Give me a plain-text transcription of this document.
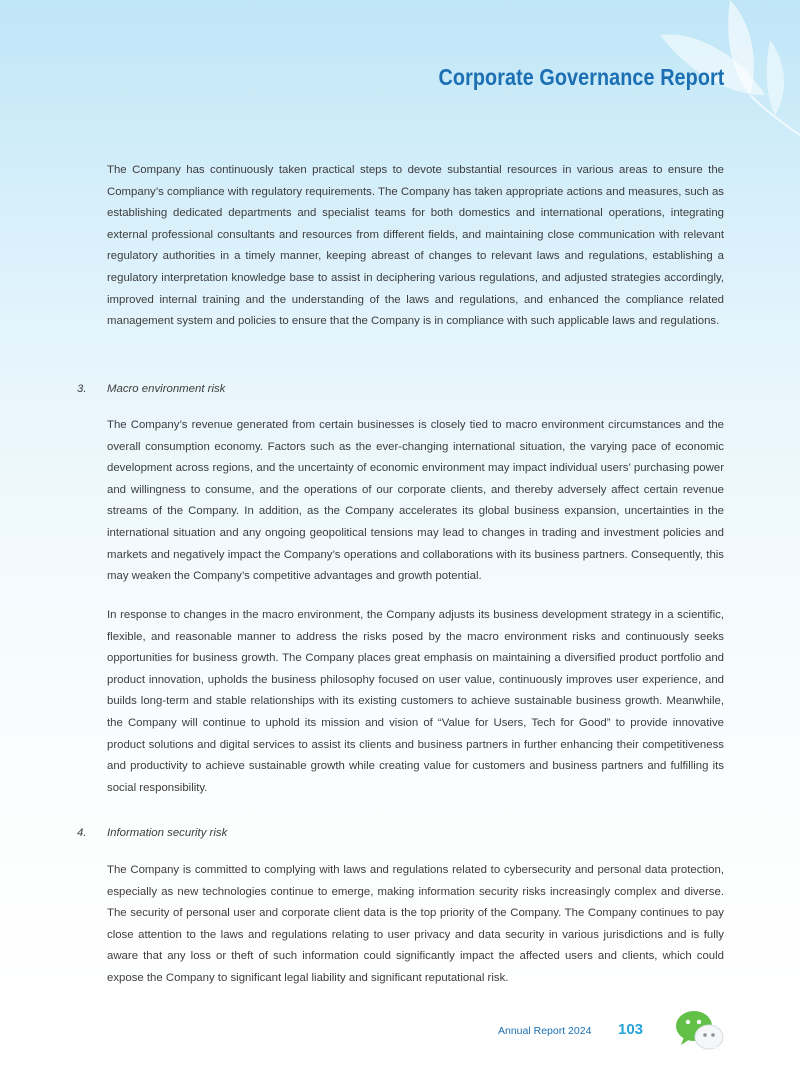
Corporate Governance Report

The Company has continuously taken practical steps to devote substantial resources in various areas to ensure the Company’s compliance with regulatory requirements. The Company has taken appropriate actions and measures, such as establishing dedicated departments and specialist teams for both domestics and international operations, integrating external professional consultants and resources from different fields, and maintaining close communication with relevant regulatory authorities in a timely manner, keeping abreast of changes to relevant laws and regulations, establishing a regulatory interpretation knowledge base to assist in deciphering various regulations, and adjusted strategies accordingly, improved internal training and the understanding of the laws and regulations, and enhanced the compliance related management system and policies to ensure that the Company is in compliance with such applicable laws and regulations.

3. Macro environment risk

The Company’s revenue generated from certain businesses is closely tied to macro environment circumstances and the overall consumption economy. Factors such as the ever-changing international situation, the varying pace of economic development across regions, and the uncertainty of economic environment may impact individual users’ purchasing power and willingness to consume, and the operations of our corporate clients, and thereby adversely affect certain revenue streams of the Company. In addition, as the Company accelerates its global business expansion, uncertainties in the international situation and any ongoing geopolitical tensions may lead to changes in trading and investment policies and markets and negatively impact the Company’s operations and collaborations with its business partners. Consequently, this may weaken the Company’s competitive advantages and growth potential.

In response to changes in the macro environment, the Company adjusts its business development strategy in a scientific, flexible, and reasonable manner to address the risks posed by the macro environment risks and continuously seeks opportunities for business growth. The Company places great emphasis on maintaining a diversified product portfolio and product innovation, upholds the business philosophy focused on user value, continuously improves user experience, and builds long-term and stable relationships with its existing customers to achieve sustainable business growth. Meanwhile, the Company will continue to uphold its mission and vision of “Value for Users, Tech for Good” to provide innovative product solutions and digital services to assist its clients and business partners in further enhancing their competitiveness and productivity to achieve sustainable growth while creating value for customers and business partners and fulfilling its social responsibility.

4. Information security risk

The Company is committed to complying with laws and regulations related to cybersecurity and personal data protection, especially as new technologies continue to emerge, making information security risks increasingly complex and diverse. The security of personal user and corporate client data is the top priority of the Company. The Company continues to pay close attention to the laws and regulations relating to user privacy and data security in various jurisdictions and is fully aware that any loss or theft of such information could significantly impact the affected users and clients, which could expose the Company to significant legal liability and significant reputational risk.

Annual Report 2024 103
